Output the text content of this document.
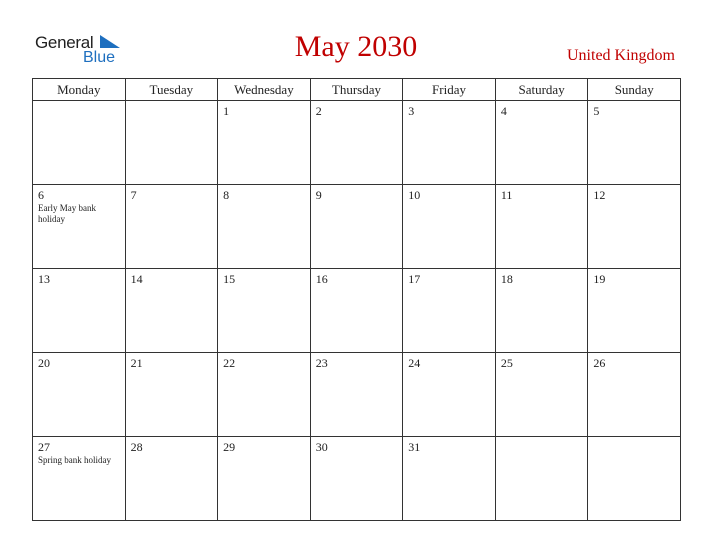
General
Blue	May 2030	United Kingdom
Monday	Tuesday	Wednesday	Thursday	Friday	Saturday	Sunday

		1	2	3	4	5

6
Early May bank holiday	7	8	9	10	11	12

13	14	15	16	17	18	19

20	21	22	23	24	25	26

27
Spring bank holiday	28	29	30	31		
